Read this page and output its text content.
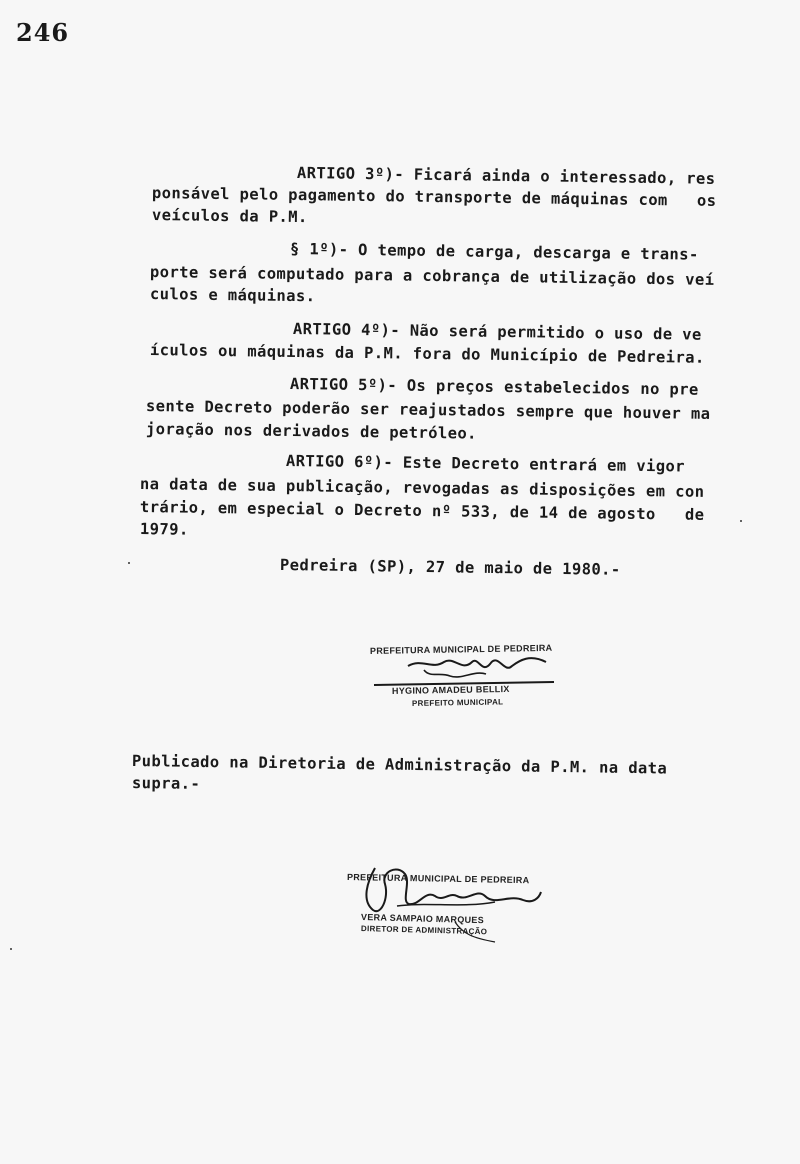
246
ARTIGO 3º)- Ficará ainda o interessado, res
ponsável pelo pagamento do transporte de máquinas com   os
veículos da P.M.
§ 1º)- O tempo de carga, descarga e trans-
porte será computado para a cobrança de utilização dos veí
culos e máquinas.
ARTIGO 4º)- Não será permitido o uso de ve
ículos ou máquinas da P.M. fora do Município de Pedreira.
ARTIGO 5º)- Os preços estabelecidos no pre
sente Decreto poderão ser reajustados sempre que houver ma
joração nos derivados de petróleo.
ARTIGO 6º)- Este Decreto entrará em vigor
na data de sua publicação, revogadas as disposições em con
trário, em especial o Decreto nº 533, de 14 de agosto   de
1979.
Pedreira (SP), 27 de maio de 1980.-
PREFEITURA MUNICIPAL DE PEDREIRA
HYGINO AMADEU BELLIX
PREFEITO MUNICIPAL
Publicado na Diretoria de Administração da P.M. na data
supra.-
PREFEITURA MUNICIPAL DE PEDREIRA
VERA SAMPAIO MARQUES
DIRETOR DE ADMINISTRAÇÃO
